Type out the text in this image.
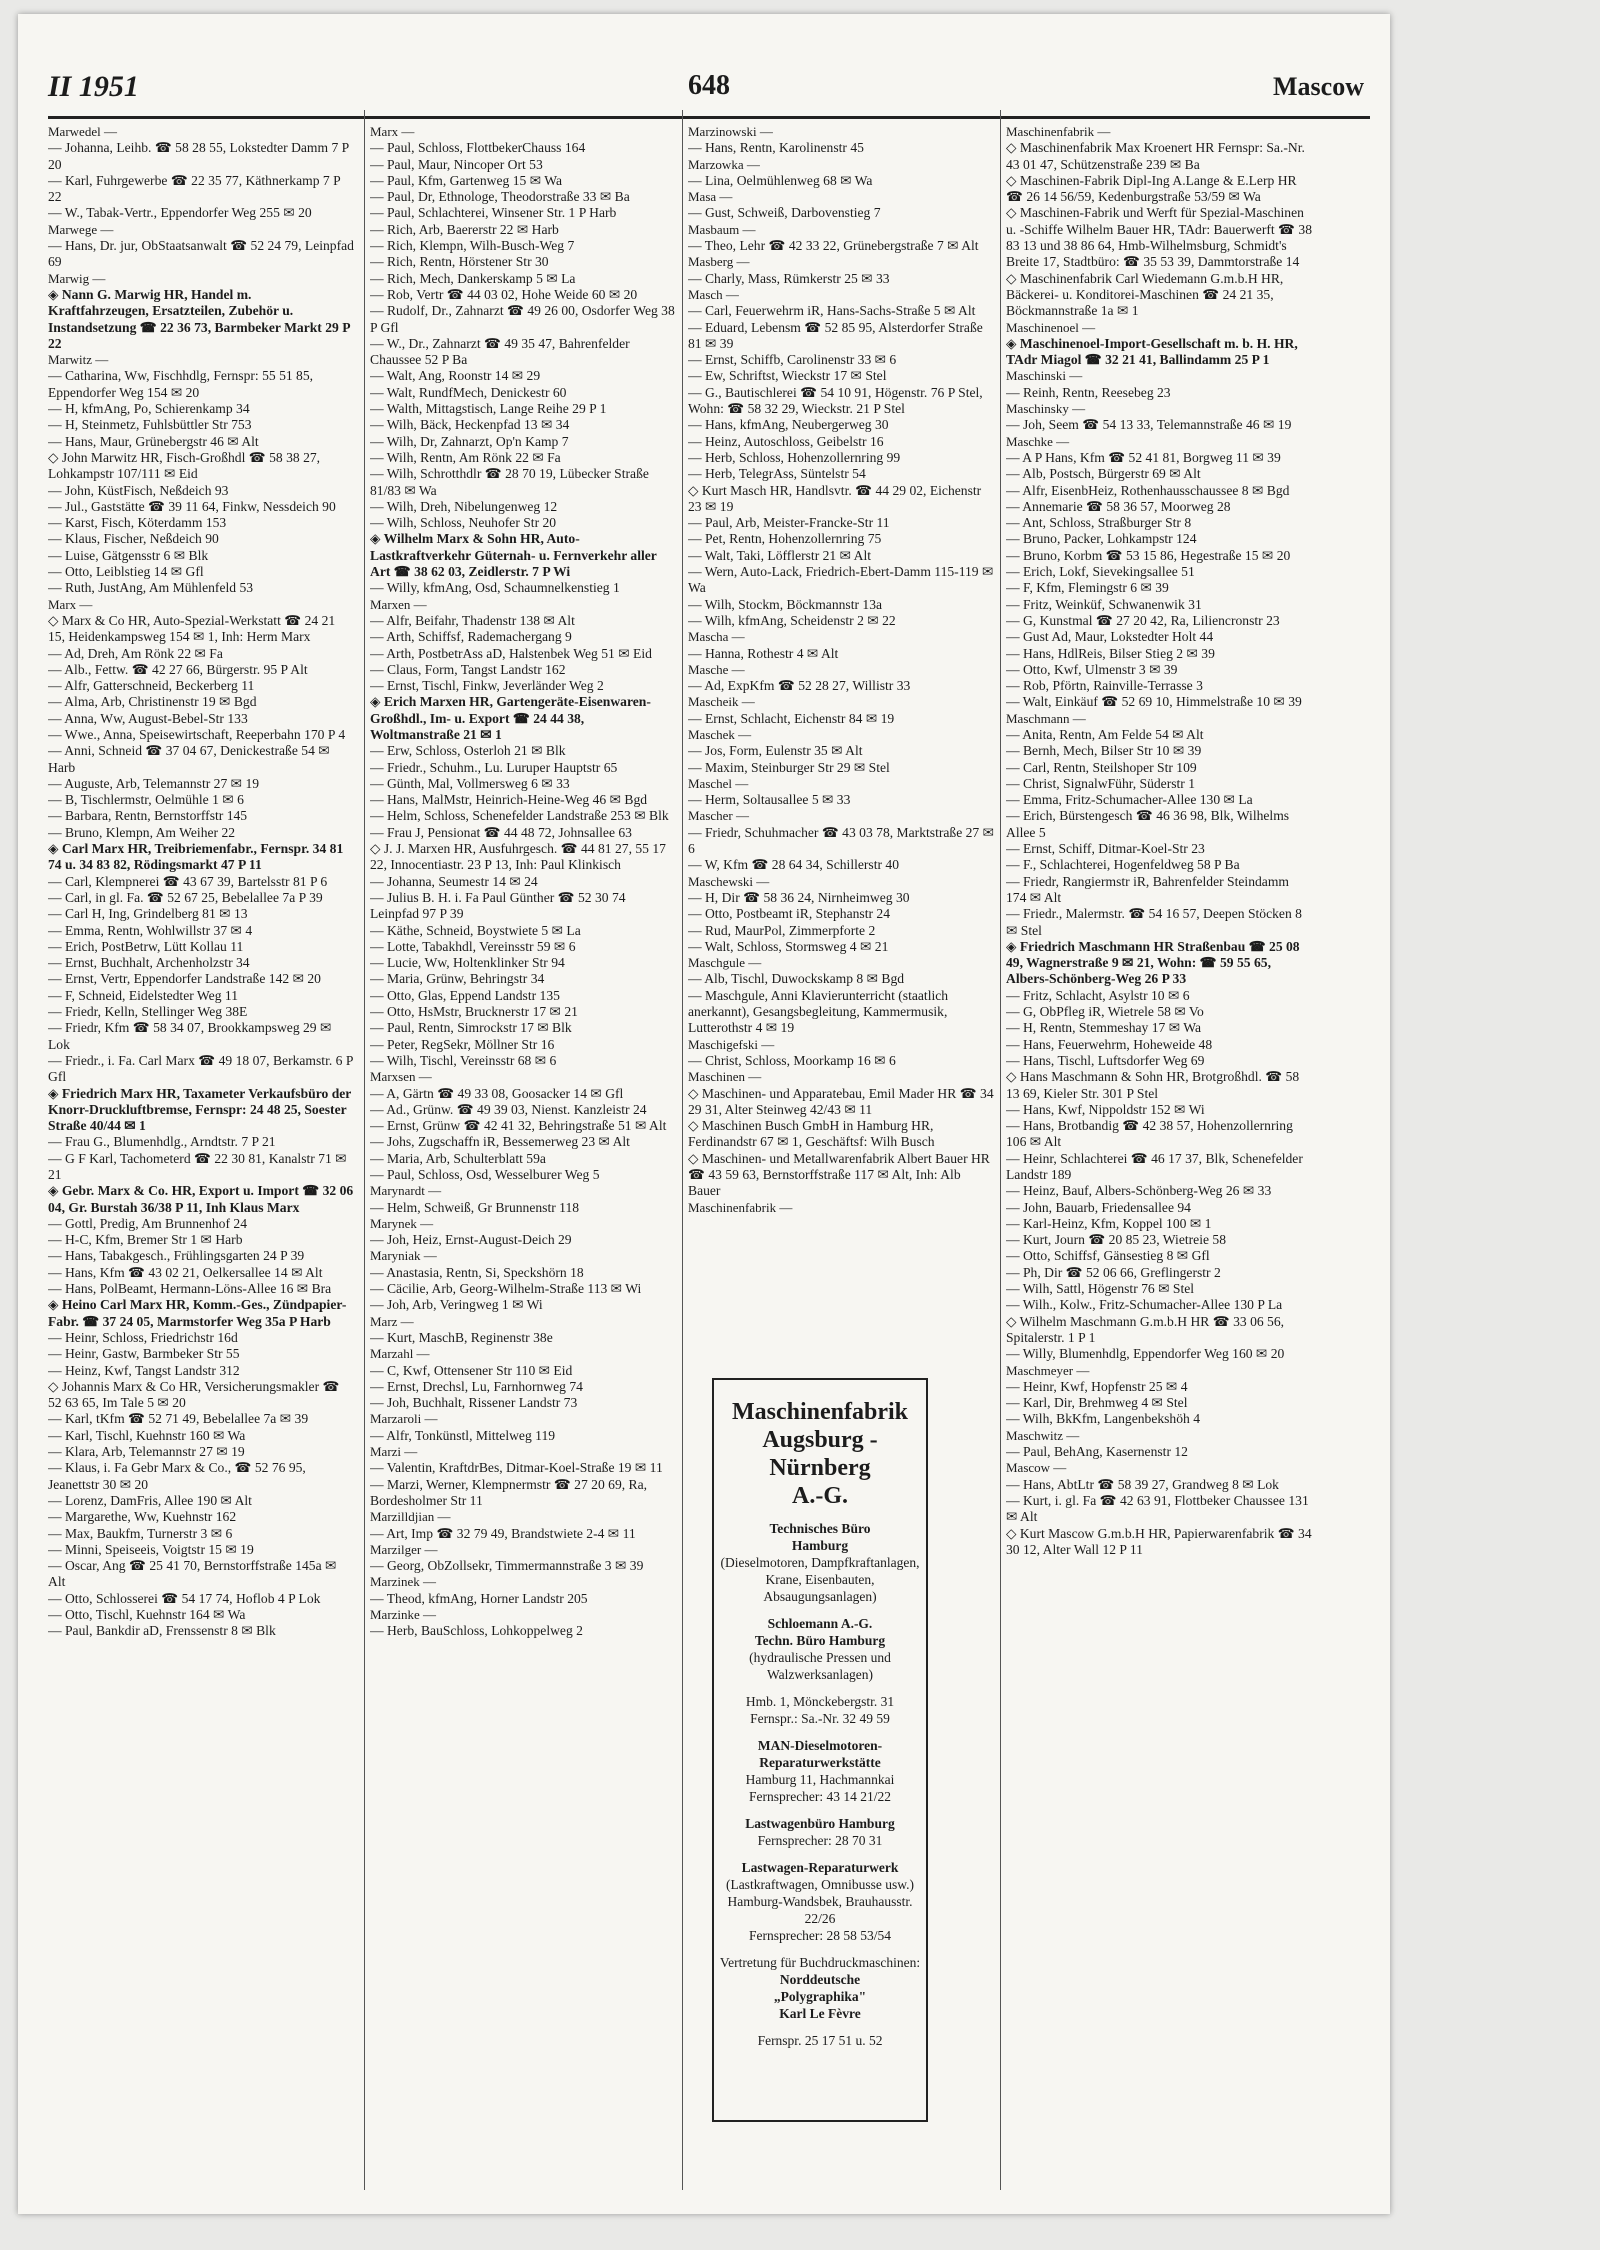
II 1951	648	Mascow
Marwedel —
— Johanna, Leihb. ☎ 58 28 55, Lokstedter Damm 7 P 20
— Karl, Fuhrgewerbe ☎ 22 35 77, Käthnerkamp 7 P 22
— W., Tabak-Vertr., Eppendorfer Weg 255 ✉ 20
Marwege —
— Hans, Dr. jur, ObStaatsanwalt ☎ 52 24 79, Leinpfad 69
Marwig —
◈ Nann G. Marwig HR, Handel m. Kraftfahrzeugen, Ersatzteilen, Zubehör u. Instandsetzung ☎ 22 36 73, Barmbeker Markt 29 P 22
Marwitz —
— Catharina, Ww, Fischhdlg, Fernspr: 55 51 85, Eppendorfer Weg 154 ✉ 20
— H, kfmAng, Po, Schierenkamp 34
— H, Steinmetz, Fuhlsbüttler Str 753
— Hans, Maur, Grünebergstr 46 ✉ Alt
◇ John Marwitz HR, Fisch-Großhdl ☎ 58 38 27, Lohkampstr 107/111 ✉ Eid
— John, KüstFisch, Neßdeich 93
— Jul., Gaststätte ☎ 39 11 64, Finkw, Nessdeich 90
— Karst, Fisch, Köterdamm 153
— Klaus, Fischer, Neßdeich 90
— Luise, Gätgensstr 6 ✉ Blk
— Otto, Leiblstieg 14 ✉ Gfl
— Ruth, JustAng, Am Mühlenfeld 53
Marx —
◇ Marx & Co HR, Auto-Spezial-Werkstatt ☎ 24 21 15, Heidenkampsweg 154 ✉ 1, Inh: Herm Marx
— Ad, Dreh, Am Rönk 22 ✉ Fa
— Alb., Fettw. ☎ 42 27 66, Bürgerstr. 95 P Alt
— Alfr, Gatterschneid, Beckerberg 11
— Alma, Arb, Christinenstr 19 ✉ Bgd
— Anna, Ww, August-Bebel-Str 133
— Wwe., Anna, Speisewirtschaft, Reeperbahn 170 P 4
— Anni, Schneid ☎ 37 04 67, Denickestraße 54 ✉ Harb
— Auguste, Arb, Telemannstr 27 ✉ 19
— B, Tischlermstr, Oelmühle 1 ✉ 6
— Barbara, Rentn, Bernstorffstr 145
— Bruno, Klempn, Am Weiher 22
◈ Carl Marx HR, Treibriemenfabr., Fernspr. 34 81 74 u. 34 83 82, Rödingsmarkt 47 P 11
— Carl, Klempnerei ☎ 43 67 39, Bartelsstr 81 P 6
— Carl, in gl. Fa. ☎ 52 67 25, Bebelallee 7a P 39
— Carl H, Ing, Grindelberg 81 ✉ 13
— Emma, Rentn, Wohlwillstr 37 ✉ 4
— Erich, PostBetrw, Lütt Kollau 11
— Ernst, Buchhalt, Archenholzstr 34
— Ernst, Vertr, Eppendorfer Landstraße 142 ✉ 20
— F, Schneid, Eidelstedter Weg 11
— Friedr, Kelln, Stellinger Weg 38E
— Friedr, Kfm ☎ 58 34 07, Brookkampsweg 29 ✉ Lok
— Friedr., i. Fa. Carl Marx ☎ 49 18 07, Berkamstr. 6 P Gfl
◈ Friedrich Marx HR, Taxameter Verkaufsbüro der Knorr-Druckluftbremse, Fernspr: 24 48 25, Soester Straße 40/44 ✉ 1
— Frau G., Blumenhdlg., Arndtstr. 7 P 21
— G F Karl, Tachometerd ☎ 22 30 81, Kanalstr 71 ✉ 21
◈ Gebr. Marx & Co. HR, Export u. Import ☎ 32 06 04, Gr. Burstah 36/38 P 11, Inh Klaus Marx
— Gottl, Predig, Am Brunnenhof 24
— H-C, Kfm, Bremer Str 1 ✉ Harb
— Hans, Tabakgesch., Frühlingsgarten 24 P 39
— Hans, Kfm ☎ 43 02 21, Oelkersallee 14 ✉ Alt
— Hans, PolBeamt, Hermann-Löns-Allee 16 ✉ Bra
◈ Heino Carl Marx HR, Komm.-Ges., Zündpapier-Fabr. ☎ 37 24 05, Marmstorfer Weg 35a P Harb
— Heinr, Schloss, Friedrichstr 16d
— Heinr, Gastw, Barmbeker Str 55
— Heinz, Kwf, Tangst Landstr 312
◇ Johannis Marx & Co HR, Versicherungsmakler ☎ 52 63 65, Im Tale 5 ✉ 20
— Karl, tKfm ☎ 52 71 49, Bebelallee 7a ✉ 39
— Karl, Tischl, Kuehnstr 160 ✉ Wa
— Klara, Arb, Telemannstr 27 ✉ 19
— Klaus, i. Fa Gebr Marx & Co., ☎ 52 76 95, Jeanettstr 30 ✉ 20
— Lorenz, DamFris, Allee 190 ✉ Alt
— Margarethe, Ww, Kuehnstr 162
— Max, Baukfm, Turnerstr 3 ✉ 6
— Minni, Speiseeis, Voigtstr 15 ✉ 19
— Oscar, Ang ☎ 25 41 70, Bernstorffstraße 145a ✉ Alt
— Otto, Schlosserei ☎ 54 17 74, Hoflob 4 P Lok
— Otto, Tischl, Kuehnstr 164 ✉ Wa
— Paul, Bankdir aD, Frenssenstr 8 ✉ Blk
Marx —
— Paul, Schloss, FlottbekerChauss 164
— Paul, Maur, Nincoper Ort 53
— Paul, Kfm, Gartenweg 15 ✉ Wa
— Paul, Dr, Ethnologe, Theodorstraße 33 ✉ Ba
— Paul, Schlachterei, Winsener Str. 1 P Harb
— Rich, Arb, Baererstr 22 ✉ Harb
— Rich, Klempn, Wilh-Busch-Weg 7
— Rich, Rentn, Hörstener Str 30
— Rich, Mech, Dankerskamp 5 ✉ La
— Rob, Vertr ☎ 44 03 02, Hohe Weide 60 ✉ 20
— Rudolf, Dr., Zahnarzt ☎ 49 26 00, Osdorfer Weg 38 P Gfl
— W., Dr., Zahnarzt ☎ 49 35 47, Bahrenfelder Chaussee 52 P Ba
— Walt, Ang, Roonstr 14 ✉ 29
— Walt, RundfMech, Denickestr 60
— Walth, Mittagstisch, Lange Reihe 29 P 1
— Wilh, Bäck, Heckenpfad 13 ✉ 34
— Wilh, Dr, Zahnarzt, Op'n Kamp 7
— Wilh, Rentn, Am Rönk 22 ✉ Fa
— Wilh, Schrotthdlr ☎ 28 70 19, Lübecker Straße 81/83 ✉ Wa
— Wilh, Dreh, Nibelungenweg 12
— Wilh, Schloss, Neuhofer Str 20
◈ Wilhelm Marx & Sohn HR, Auto-Lastkraftverkehr Güternah- u. Fernverkehr aller Art ☎ 38 62 03, Zeidlerstr. 7 P Wi
— Willy, kfmAng, Osd, Schaumnelkenstieg 1
Marxen —
— Alfr, Beifahr, Thadenstr 138 ✉ Alt
— Arth, Schiffsf, Rademachergang 9
— Arth, PostbetrAss aD, Halstenbek Weg 51 ✉ Eid
— Claus, Form, Tangst Landstr 162
— Ernst, Tischl, Finkw, Jeverländer Weg 2
◈ Erich Marxen HR, Gartengeräte-Eisenwaren-Großhdl., Im- u. Export ☎ 24 44 38, Woltmanstraße 21 ✉ 1
— Erw, Schloss, Osterloh 21 ✉ Blk
— Friedr., Schuhm., Lu. Luruper Hauptstr 65
— Günth, Mal, Vollmersweg 6 ✉ 33
— Hans, MalMstr, Heinrich-Heine-Weg 46 ✉ Bgd
— Helm, Schloss, Schenefelder Landstraße 253 ✉ Blk
— Frau J, Pensionat ☎ 44 48 72, Johnsallee 63
◇ J. J. Marxen HR, Ausfuhrgesch. ☎ 44 81 27, 55 17 22, Innocentiastr. 23 P 13, Inh: Paul Klinkisch
— Johanna, Seumestr 14 ✉ 24
— Julius B. H. i. Fa Paul Günther ☎ 52 30 74 Leinpfad 97 P 39
— Käthe, Schneid, Boystwiete 5 ✉ La
— Lotte, Tabakhdl, Vereinsstr 59 ✉ 6
— Lucie, Ww, Holtenklinker Str 94
— Maria, Grünw, Behringstr 34
— Otto, Glas, Eppend Landstr 135
— Otto, HsMstr, Brucknerstr 17 ✉ 21
— Paul, Rentn, Simrockstr 17 ✉ Blk
— Peter, RegSekr, Möllner Str 16
— Wilh, Tischl, Vereinsstr 68 ✉ 6
Marxsen —
— A, Gärtn ☎ 49 33 08, Goosacker 14 ✉ Gfl
— Ad., Grünw. ☎ 49 39 03, Nienst. Kanzleistr 24
— Ernst, Grünw ☎ 42 41 32, Behringstraße 51 ✉ Alt
— Johs, Zugschaffn iR, Bessemerweg 23 ✉ Alt
— Maria, Arb, Schulterblatt 59a
— Paul, Schloss, Osd, Wesselburer Weg 5
Marynardt —
— Helm, Schweiß, Gr Brunnenstr 118
Marynek —
— Joh, Heiz, Ernst-August-Deich 29
Maryniak —
— Anastasia, Rentn, Si, Speckshörn 18
— Cäcilie, Arb, Georg-Wilhelm-Straße 113 ✉ Wi
— Joh, Arb, Veringweg 1 ✉ Wi
Marz —
— Kurt, MaschB, Reginenstr 38e
Marzahl —
— C, Kwf, Ottensener Str 110 ✉ Eid
— Ernst, Drechsl, Lu, Farnhornweg 74
— Joh, Buchhalt, Rissener Landstr 73
Marzaroli —
— Alfr, Tonkünstl, Mittelweg 119
Marzi —
— Valentin, KraftdrBes, Ditmar-Koel-Straße 19 ✉ 11
— Marzi, Werner, Klempnermstr ☎ 27 20 69, Ra, Bordesholmer Str 11
Marzilldjian —
— Art, Imp ☎ 32 79 49, Brandstwiete 2-4 ✉ 11
Marzilger —
— Georg, ObZollsekr, Timmermannstraße 3 ✉ 39
Marzinek —
— Theod, kfmAng, Horner Landstr 205
Marzinke —
— Herb, BauSchloss, Lohkoppelweg 2
Marzinowski —
— Hans, Rentn, Karolinenstr 45
Marzowka —
— Lina, Oelmühlenweg 68 ✉ Wa
Masa —
— Gust, Schweiß, Darbovenstieg 7
Masbaum —
— Theo, Lehr ☎ 42 33 22, Grünebergstraße 7 ✉ Alt
Masberg —
— Charly, Mass, Rümkerstr 25 ✉ 33
Masch —
— Carl, Feuerwehrm iR, Hans-Sachs-Straße 5 ✉ Alt
— Eduard, Lebensm ☎ 52 85 95, Alsterdorfer Straße 81 ✉ 39
— Ernst, Schiffb, Carolinenstr 33 ✉ 6
— Ew, Schriftst, Wieckstr 17 ✉ Stel
— G., Bautischlerei ☎ 54 10 91, Högenstr. 76 P Stel, Wohn: ☎ 58 32 29, Wieckstr. 21 P Stel
— Hans, kfmAng, Neubergerweg 30
— Heinz, Autoschloss, Geibelstr 16
— Herb, Schloss, Hohenzollernring 99
— Herb, TelegrAss, Süntelstr 54
◇ Kurt Masch HR, Handlsvtr. ☎ 44 29 02, Eichenstr 23 ✉ 19
— Paul, Arb, Meister-Francke-Str 11
— Pet, Rentn, Hohenzollernring 75
— Walt, Taki, Löfflerstr 21 ✉ Alt
— Wern, Auto-Lack, Friedrich-Ebert-Damm 115-119 ✉ Wa
— Wilh, Stockm, Böckmannstr 13a
— Wilh, kfmAng, Scheidenstr 2 ✉ 22
Mascha —
— Hanna, Rothestr 4 ✉ Alt
Masche —
— Ad, ExpKfm ☎ 52 28 27, Willistr 33
Mascheik —
— Ernst, Schlacht, Eichenstr 84 ✉ 19
Maschek —
— Jos, Form, Eulenstr 35 ✉ Alt
— Maxim, Steinburger Str 29 ✉ Stel
Maschel —
— Herm, Soltausallee 5 ✉ 33
Mascher —
— Friedr, Schuhmacher ☎ 43 03 78, Marktstraße 27 ✉ 6
— W, Kfm ☎ 28 64 34, Schillerstr 40
Maschewski —
— H, Dir ☎ 58 36 24, Nirnheimweg 30
— Otto, Postbeamt iR, Stephanstr 24
— Rud, MaurPol, Zimmerpforte 2
— Walt, Schloss, Stormsweg 4 ✉ 21
Maschgule —
— Alb, Tischl, Duwockskamp 8 ✉ Bgd
— Maschgule, Anni Klavierunterricht (staatlich anerkannt), Gesangsbegleitung, Kammermusik, Lutterothstr 4 ✉ 19
Maschigefski —
— Christ, Schloss, Moorkamp 16 ✉ 6
Maschinen —
◇ Maschinen- und Apparatebau, Emil Mader HR ☎ 34 29 31, Alter Steinweg 42/43 ✉ 11
◇ Maschinen Busch GmbH in Hamburg HR, Ferdinandstr 67 ✉ 1, Geschäftsf: Wilh Busch
◇ Maschinen- und Metallwarenfabrik Albert Bauer HR ☎ 43 59 63, Bernstorffstraße 117 ✉ Alt, Inh: Alb Bauer
Maschinenfabrik —
Maschinenfabrik —
◇ Maschinenfabrik Max Kroenert HR Fernspr: Sa.-Nr. 43 01 47, Schützenstraße 239 ✉ Ba
◇ Maschinen-Fabrik Dipl-Ing A.Lange & E.Lerp HR ☎ 26 14 56/59, Kedenburgstraße 53/59 ✉ Wa
◇ Maschinen-Fabrik und Werft für Spezial-Maschinen u. -Schiffe Wilhelm Bauer HR, TAdr: Bauerwerft ☎ 38 83 13 und 38 86 64, Hmb-Wilhelmsburg, Schmidt's Breite 17, Stadtbüro: ☎ 35 53 39, Dammtorstraße 14
◇ Maschinenfabrik Carl Wiedemann G.m.b.H HR, Bäckerei- u. Konditorei-Maschinen ☎ 24 21 35, Böckmannstraße 1a ✉ 1
Maschinenoel —
◈ Maschinenoel-Import-Gesellschaft m. b. H. HR, TAdr Miagol ☎ 32 21 41, Ballindamm 25 P 1
Maschinski —
— Reinh, Rentn, Reesebeg 23
Maschinsky —
— Joh, Seem ☎ 54 13 33, Telemannstraße 46 ✉ 19
Maschke —
— A P Hans, Kfm ☎ 52 41 81, Borgweg 11 ✉ 39
— Alb, Postsch, Bürgerstr 69 ✉ Alt
— Alfr, EisenbHeiz, Rothenhausschaussee 8 ✉ Bgd
— Annemarie ☎ 58 36 57, Moorweg 28
— Ant, Schloss, Straßburger Str 8
— Bruno, Packer, Lohkampstr 124
— Bruno, Korbm ☎ 53 15 86, Hegestraße 15 ✉ 20
— Erich, Lokf, Sievekingsallee 51
— F, Kfm, Flemingstr 6 ✉ 39
— Fritz, Weinküf, Schwanenwik 31
— G, Kunstmal ☎ 27 20 42, Ra, Liliencronstr 23
— Gust Ad, Maur, Lokstedter Holt 44
— Hans, HdlReis, Bilser Stieg 2 ✉ 39
— Otto, Kwf, Ulmenstr 3 ✉ 39
— Rob, Pförtn, Rainville-Terrasse 3
— Walt, Einkäuf ☎ 52 69 10, Himmelstraße 10 ✉ 39
Maschmann —
— Anita, Rentn, Am Felde 54 ✉ Alt
— Bernh, Mech, Bilser Str 10 ✉ 39
— Carl, Rentn, Steilshoper Str 109
— Christ, SignalwFühr, Süderstr 1
— Emma, Fritz-Schumacher-Allee 130 ✉ La
— Erich, Bürstengesch ☎ 46 36 98, Blk, Wilhelms Allee 5
— Ernst, Schiff, Ditmar-Koel-Str 23
— F., Schlachterei, Hogenfeldweg 58 P Ba
— Friedr, Rangiermstr iR, Bahrenfelder Steindamm 174 ✉ Alt
— Friedr., Malermstr. ☎ 54 16 57, Deepen Stöcken 8 ✉ Stel
◈ Friedrich Maschmann HR Straßenbau ☎ 25 08 49, Wagnerstraße 9 ✉ 21, Wohn: ☎ 59 55 65, Albers-Schönberg-Weg 26 P 33
— Fritz, Schlacht, Asylstr 10 ✉ 6
— G, ObPfleg iR, Wietrele 58 ✉ Vo
— H, Rentn, Stemmeshay 17 ✉ Wa
— Hans, Feuerwehrm, Hoheweide 48
— Hans, Tischl, Luftsdorfer Weg 69
◇ Hans Maschmann & Sohn HR, Brotgroßhdl. ☎ 58 13 69, Kieler Str. 301 P Stel
— Hans, Kwf, Nippoldstr 152 ✉ Wi
— Hans, Brotbandig ☎ 42 38 57, Hohenzollernring 106 ✉ Alt
— Heinr, Schlachterei ☎ 46 17 37, Blk, Schenefelder Landstr 189
— Heinz, Bauf, Albers-Schönberg-Weg 26 ✉ 33
— John, Bauarb, Friedensallee 94
— Karl-Heinz, Kfm, Koppel 100 ✉ 1
— Kurt, Journ ☎ 20 85 23, Wietreie 58
— Otto, Schiffsf, Gänsestieg 8 ✉ Gfl
— Ph, Dir ☎ 52 06 66, Greflingerstr 2
— Wilh, Sattl, Högenstr 76 ✉ Stel
— Wilh., Kolw., Fritz-Schumacher-Allee 130 P La
◇ Wilhelm Maschmann G.m.b.H HR ☎ 33 06 56, Spitalerstr. 1 P 1
— Willy, Blumenhdlg, Eppendorfer Weg 160 ✉ 20
Maschmeyer —
— Heinr, Kwf, Hopfenstr 25 ✉ 4
— Karl, Dir, Brehmweg 4 ✉ Stel
— Wilh, BkKfm, Langenbekshöh 4
Maschwitz —
— Paul, BehAng, Kasernenstr 12
Mascow —
— Hans, AbtLtr ☎ 58 39 27, Grandweg 8 ✉ Lok
— Kurt, i. gl. Fa ☎ 42 63 91, Flottbeker Chaussee 131 ✉ Alt
◇ Kurt Mascow G.m.b.H HR, Papierwarenfabrik ☎ 34 30 12, Alter Wall 12 P 11
Maschinenfabrik
Augsburg - Nürnberg
A.-G.
Technisches Büro
Hamburg
(Dieselmotoren, Dampfkraftanlagen, Krane, Eisenbauten, Absaugungsanlagen)
Schloemann A.-G.
Techn. Büro Hamburg
(hydraulische Pressen und Walzwerksanlagen)
Hmb. 1, Mönckebergstr. 31
Fernspr.: Sa.-Nr. 32 49 59
MAN-Dieselmotoren-Reparaturwerkstätte
Hamburg 11, Hachmannkai
Fernsprecher: 43 14 21/22
Lastwagenbüro Hamburg
Fernsprecher: 28 70 31
Lastwagen-Reparaturwerk
(Lastkraftwagen, Omnibusse usw.)
Hamburg-Wandsbek, Brauhausstr. 22/26
Fernsprecher: 28 58 53/54
Vertretung für Buchdruckmaschinen:
Norddeutsche
„Polygraphika"
Karl Le Fèvre
Fernspr. 25 17 51 u. 52
